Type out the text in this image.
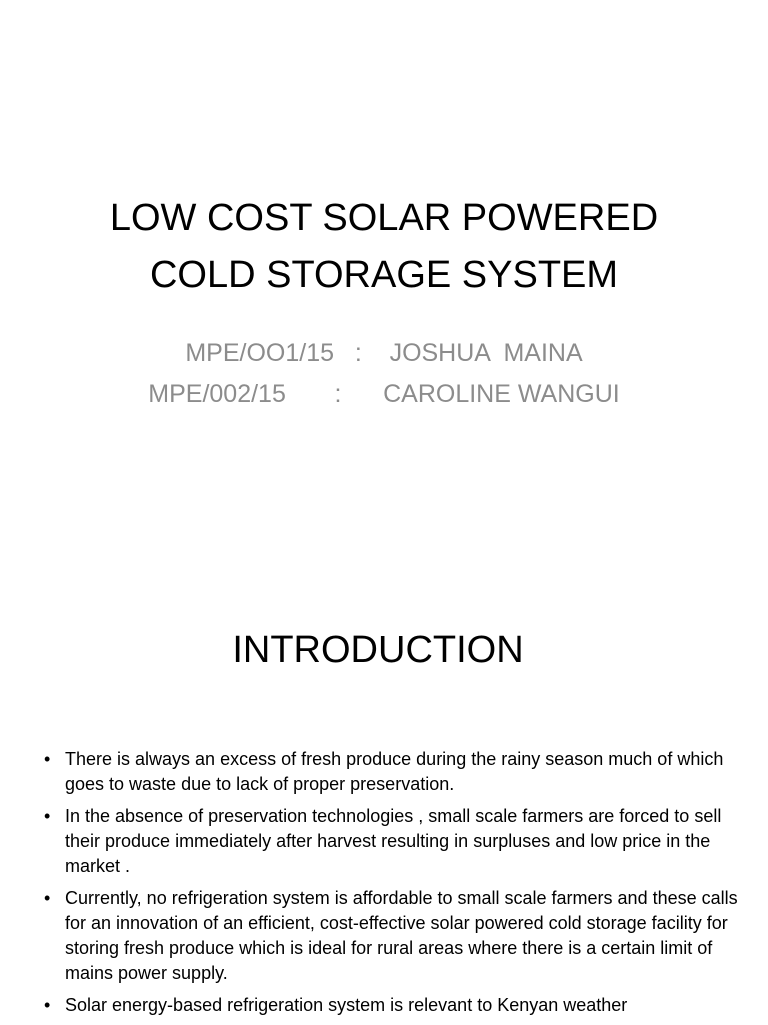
LOW COST SOLAR POWERED
COLD STORAGE SYSTEM
MPE/OO1/15   :    JOSHUA  MAINA
MPE/002/15       :      CAROLINE WANGUI
INTRODUCTION
• There is always an excess of fresh produce during the rainy season much of which goes to waste due to lack of proper preservation.
• In the absence of preservation technologies , small scale farmers are forced to sell their produce immediately after harvest resulting in surpluses and low price in the market .
• Currently, no refrigeration system is affordable to small scale farmers and these calls for an innovation of an efficient, cost-effective solar powered cold storage facility for storing fresh produce which is ideal for rural areas where there is a certain limit of mains power supply.
• Solar energy-based refrigeration system is relevant to Kenyan weather
